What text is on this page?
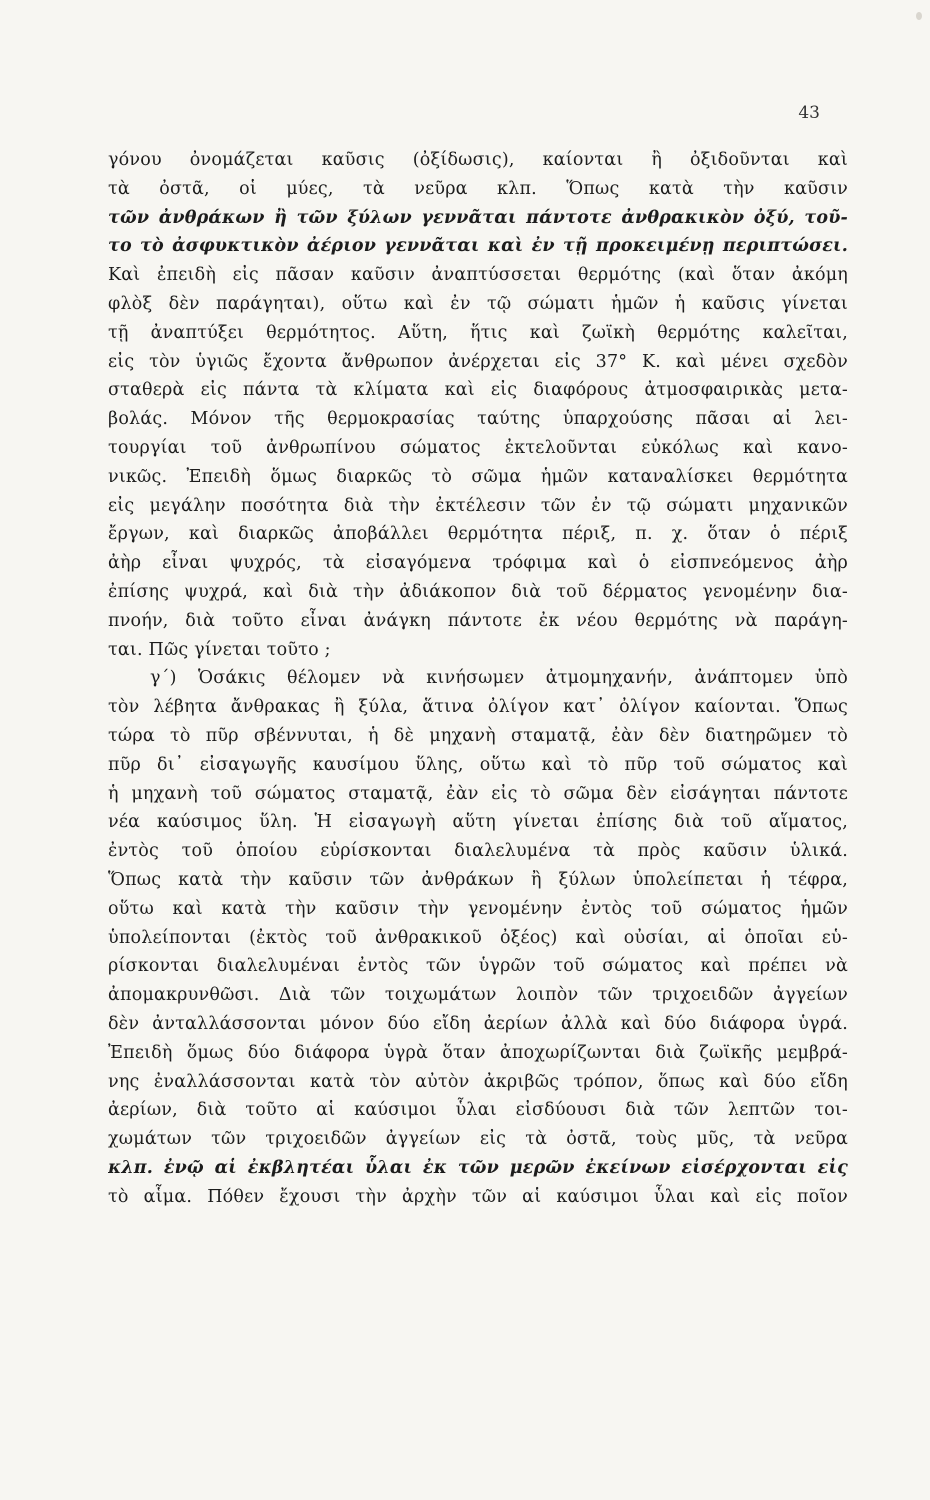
43
γόνου ὀνομάζεται καῦσις (ὀξίδωσις), καίονται ἢ ὀξιδοῦνται καὶ
τὰ ὀστᾶ, οἱ μύες, τὰ νεῦρα κλπ. Ὅπως κατὰ τὴν καῦσιν
τῶν ἀνθράκων ἢ τῶν ξύλων γεννᾶται πάντοτε ἀνθρακικὸν ὀξύ, τοῦ-
το τὸ ἀσφυκτικὸν ἀέριον γεννᾶται καὶ ἐν τῇ προκειμένῃ περιπτώσει.
Καὶ ἐπειδὴ εἰς πᾶσαν καῦσιν ἀναπτύσσεται θερμότης (καὶ ὅταν ἀκόμη
φλὸξ δὲν παράγηται), οὕτω καὶ ἐν τῷ σώματι ἡμῶν ἡ καῦσις γίνεται
τῇ ἀναπτύξει θερμότητος. Αὕτη, ἥτις καὶ ζωϊκὴ θερμότης καλεῖται,
εἰς τὸν ὑγιῶς ἔχοντα ἄνθρωπον ἀνέρχεται εἰς 37° Κ. καὶ μένει σχεδὸν
σταθερὰ εἰς πάντα τὰ κλίματα καὶ εἰς διαφόρους ἀτμοσφαιρικὰς μετα-
βολάς. Μόνον τῆς θερμοκρασίας ταύτης ὑπαρχούσης πᾶσαι αἱ λει-
τουργίαι τοῦ ἀνθρωπίνου σώματος ἐκτελοῦνται εὐκόλως καὶ κανο-
νικῶς. Ἐπειδὴ ὅμως διαρκῶς τὸ σῶμα ἡμῶν καταναλίσκει θερμότητα
εἰς μεγάλην ποσότητα διὰ τὴν ἐκτέλεσιν τῶν ἐν τῷ σώματι μηχανικῶν
ἔργων, καὶ διαρκῶς ἀποβάλλει θερμότητα πέριξ, π. χ. ὅταν ὁ πέριξ
ἀὴρ εἶναι ψυχρός, τὰ εἰσαγόμενα τρόφιμα καὶ ὁ εἰσπνεόμενος ἀὴρ
ἐπίσης ψυχρά, καὶ διὰ τὴν ἀδιάκοπον διὰ τοῦ δέρματος γενομένην δια-
πνοήν, διὰ τοῦτο εἶναι ἀνάγκη πάντοτε ἐκ νέου θερμότης νὰ παράγη-
ται. Πῶς γίνεται τοῦτο ;
γ΄) Ὁσάκις θέλομεν νὰ κινήσωμεν ἀτμομηχανήν, ἀνάπτομεν ὑπὸ
τὸν λέβητα ἄνθρακας ἢ ξύλα, ἅτινα ὀλίγον κατ᾽ ὀλίγον καίονται. Ὅπως
τώρα τὸ πῦρ σβέννυται, ἡ δὲ μηχανὴ σταματᾷ, ἐὰν δὲν διατηρῶμεν τὸ
πῦρ δι᾽ εἰσαγωγῆς καυσίμου ὕλης, οὕτω καὶ τὸ πῦρ τοῦ σώματος καὶ
ἡ μηχανὴ τοῦ σώματος σταματᾷ, ἐὰν εἰς τὸ σῶμα δὲν εἰσάγηται πάντοτε
νέα καύσιμος ὕλη. Ἡ εἰσαγωγὴ αὕτη γίνεται ἐπίσης διὰ τοῦ αἵματος,
ἐντὸς τοῦ ὁποίου εὑρίσκονται διαλελυμένα τὰ πρὸς καῦσιν ὑλικά.
Ὅπως κατὰ τὴν καῦσιν τῶν ἀνθράκων ἢ ξύλων ὑπολείπεται ἡ τέφρα,
οὕτω καὶ κατὰ τὴν καῦσιν τὴν γενομένην ἐντὸς τοῦ σώματος ἡμῶν
ὑπολείπονται (ἐκτὸς τοῦ ἀνθρακικοῦ ὀξέος) καὶ οὐσίαι, αἱ ὁποῖαι εὑ-
ρίσκονται διαλελυμέναι ἐντὸς τῶν ὑγρῶν τοῦ σώματος καὶ πρέπει νὰ
ἀπομακρυνθῶσι. Διὰ τῶν τοιχωμάτων λοιπὸν τῶν τριχοειδῶν ἀγγείων
δὲν ἀνταλλάσσονται μόνον δύο εἴδη ἀερίων ἀλλὰ καὶ δύο διάφορα ὑγρά.
Ἐπειδὴ ὅμως δύο διάφορα ὑγρὰ ὅταν ἀποχωρίζωνται διὰ ζωϊκῆς μεμβρά-
νης ἐναλλάσσονται κατὰ τὸν αὐτὸν ἀκριβῶς τρόπον, ὅπως καὶ δύο εἴδη
ἀερίων, διὰ τοῦτο αἱ καύσιμοι ὗλαι εἰσδύουσι διὰ τῶν λεπτῶν τοι-
χωμάτων τῶν τριχοειδῶν ἀγγείων εἰς τὰ ὀστᾶ, τοὺς μῦς, τὰ νεῦρα
κλπ. ἐνῷ αἱ ἐκβλητέαι ὗλαι ἐκ τῶν μερῶν ἐκείνων εἰσέρχονται εἰς
τὸ αἷμα. Πόθεν ἔχουσι τὴν ἀρχὴν τῶν αἱ καύσιμοι ὗλαι καὶ εἰς ποῖον
